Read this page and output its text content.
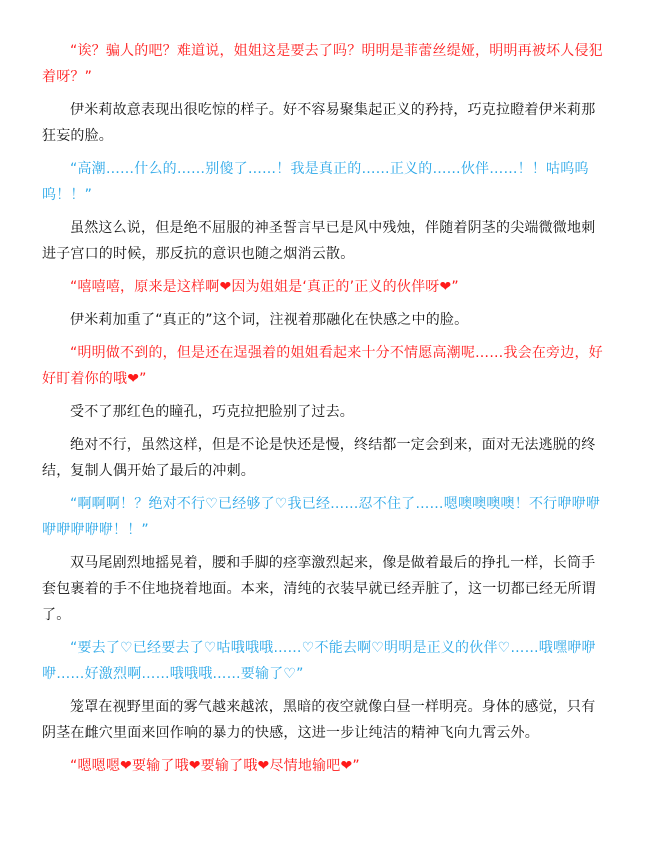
“诶？骗人的吧？难道说，姐姐这是要去了吗？明明是菲蕾丝缇娅，明明再被坏人侵犯着呀？”

伊米莉故意表现出很吃惊的样子。好不容易聚集起正义的矜持，巧克拉瞪着伊米莉那狂妄的脸。

“高潮……什么的……别傻了……！我是真正的……正义的……伙伴……！！咕呜呜呜！！”

虽然这么说，但是绝不屈服的神圣誓言早已是风中残烛，伴随着阴茎的尖端微微地刺进子宫口的时候，那反抗的意识也随之烟消云散。

“嘻嘻嘻，原来是这样啊❤因为姐姐是‘真正的’正义的伙伴呀❤”

伊米莉加重了“真正的”这个词，注视着那融化在快感之中的脸。

“明明做不到的，但是还在逞强着的姐姐看起来十分不情愿高潮呢……我会在旁边，好好盯着你的哦❤”

受不了那红色的瞳孔，巧克拉把脸别了过去。

绝对不行，虽然这样，但是不论是快还是慢，终结都一定会到来，面对无法逃脱的终结，复制人偶开始了最后的冲刺。

“啊啊啊！？绝对不行♡已经够了♡我已经……忍不住了……嗯噢噢噢噢！不行咿咿咿咿咿咿咿咿！！”

双马尾剧烈地摇晃着，腰和手脚的痉挛激烈起来，像是做着最后的挣扎一样，长筒手套包裹着的手不住地挠着地面。本来，清纯的衣装早就已经弄脏了，这一切都已经无所谓了。

“要去了♡已经要去了♡咕哦哦哦……♡不能去啊♡明明是正义的伙伴♡……哦嘿咿咿咿……好激烈啊……哦哦哦……要输了♡”

笼罩在视野里面的雾气越来越浓，黑暗的夜空就像白昼一样明亮。身体的感觉，只有阴茎在雌穴里面来回作响的暴力的快感，这进一步让纯洁的精神飞向九霄云外。

“嗯嗯嗯❤要输了哦❤要输了哦❤尽情地输吧❤”
